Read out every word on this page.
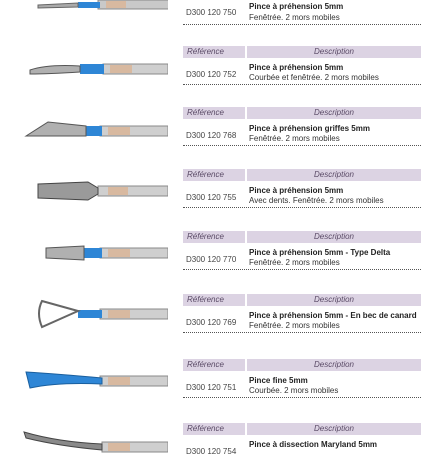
D300 120 750
Pince à préhension 5mm
Fenêtrée. 2 mors mobiles
Référence	Description
D300 120 752
Pince à préhension 5mm
Courbée et fenêtrée. 2 mors mobiles
Référence	Description
D300 120 768
Pince à préhension griffes 5mm
Fenêtrée. 2 mors mobiles
Référence	Description
D300 120 755
Pince à préhension 5mm
Avec dents. Fenêtrée. 2 mors mobiles
Référence	Description
D300 120 770
Pince à préhension 5mm - Type Delta
Fenêtrée. 2 mors mobiles
Référence	Description
D300 120 769
Pince à préhension 5mm - En bec de canard
Fenêtrée. 2 mors mobiles
Référence	Description
D300 120 751
Pince fine 5mm
Courbée. 2 mors mobiles
Référence	Description
D300 120 754
Pince à dissection Maryland 5mm
